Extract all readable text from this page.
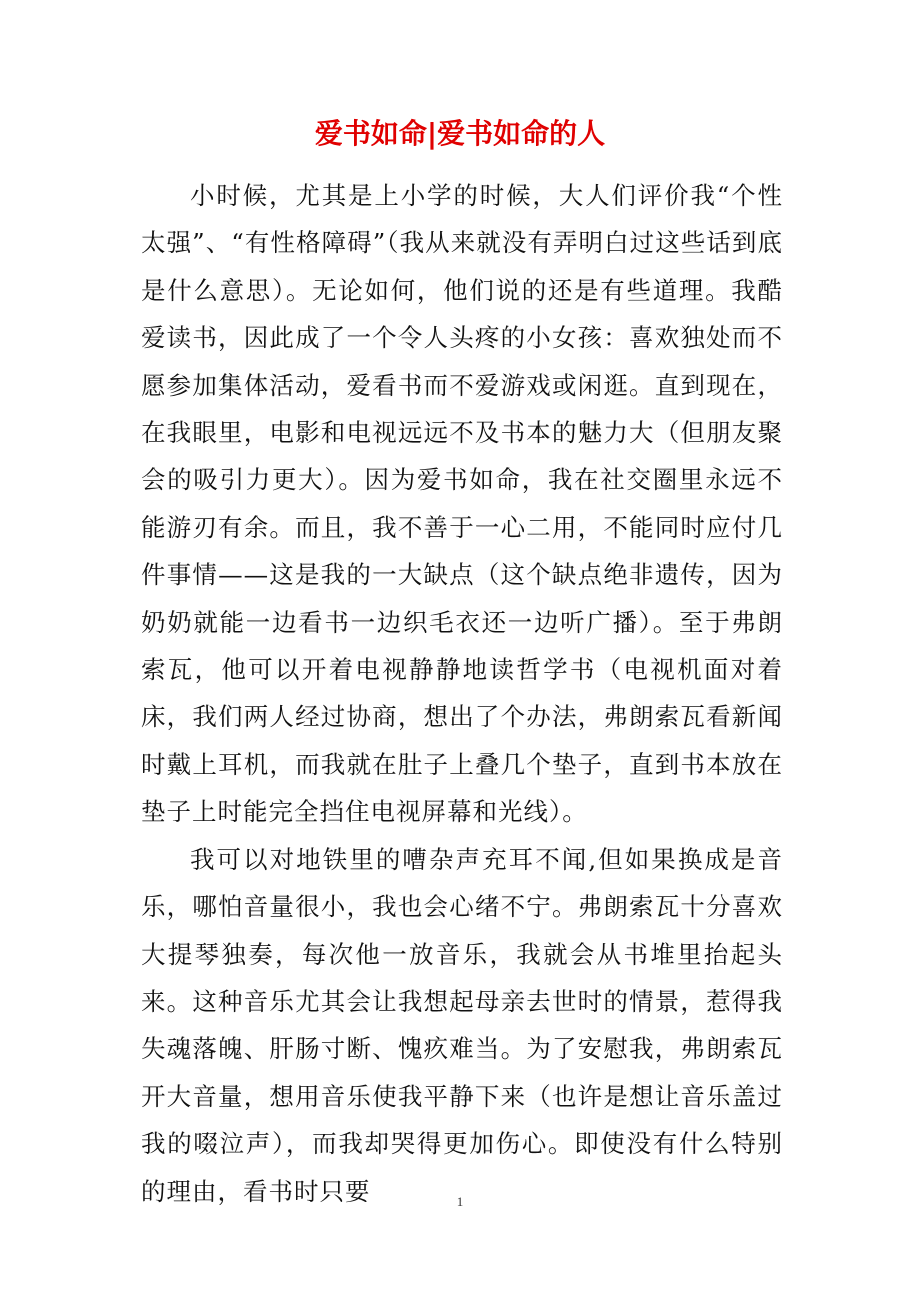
爱书如命|爱书如命的人

小时候，尤其是上小学的时候，大人们评价我“个性太强”、“有性格障碍”（我从来就没有弄明白过这些话到底是什么意思）。无论如何，他们说的还是有些道理。我酷爱读书，因此成了一个令人头疼的小女孩：喜欢独处而不愿参加集体活动，爱看书而不爱游戏或闲逛。直到现在，在我眼里，电影和电视远远不及书本的魅力大（但朋友聚会的吸引力更大）。因为爱书如命，我在社交圈里永远不能游刃有余。而且，我不善于一心二用，不能同时应付几件事情——这是我的一大缺点（这个缺点绝非遗传，因为奶奶就能一边看书一边织毛衣还一边听广播）。至于弗朗索瓦，他可以开着电视静静地读哲学书（电视机面对着床，我们两人经过协商，想出了个办法，弗朗索瓦看新闻时戴上耳机，而我就在肚子上叠几个垫子，直到书本放在垫子上时能完全挡住电视屏幕和光线）。

我可以对地铁里的嘈杂声充耳不闻,但如果换成是音乐，哪怕音量很小，我也会心绪不宁。弗朗索瓦十分喜欢大提琴独奏，每次他一放音乐，我就会从书堆里抬起头来。这种音乐尤其会让我想起母亲去世时的情景，惹得我失魂落魄、肝肠寸断、愧疚难当。为了安慰我，弗朗索瓦开大音量，想用音乐使我平静下来（也许是想让音乐盖过我的啜泣声），而我却哭得更加伤心。即使没有什么特别的理由，看书时只要	1
